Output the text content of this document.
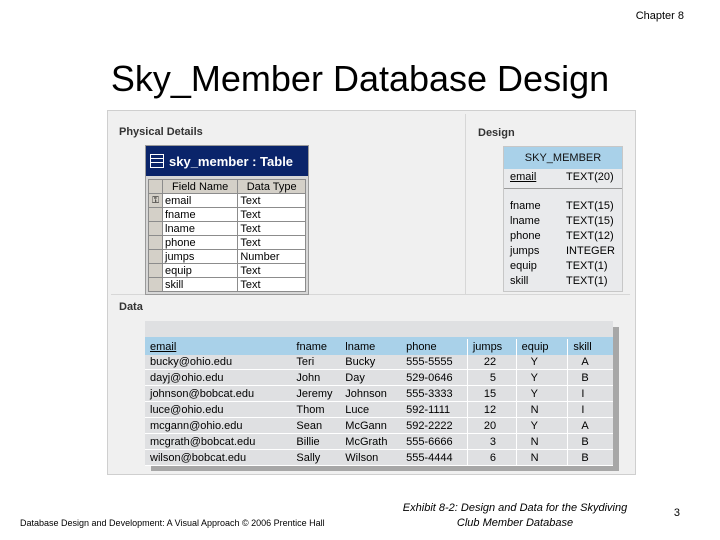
Chapter 8
Sky_Member Database Design
Physical Details	Design
Data
sky_member : Table
	Field Name	Data Type
⚿	email	Text
	fname	Text
	lname	Text
	phone	Text
	jumps	Number
	equip	Text
	skill	Text
SKY_MEMBER
email	TEXT(20)
fname	TEXT(15)
lname	TEXT(15)
phone	TEXT(12)
jumps	INTEGER
equip	TEXT(1)
skill	TEXT(1)
email	fname	lname	phone	jumps	equip	skill
bucky@ohio.edu	Teri	Bucky	555-5555	22	Y	A
dayj@ohio.edu	John	Day	529-0646	5	Y	B
johnson@bobcat.edu	Jeremy	Johnson	555-3333	15	Y	I
luce@ohio.edu	Thom	Luce	592-1111	12	N	I
mcgann@ohio.edu	Sean	McGann	592-2222	20	Y	A
mcgrath@bobcat.edu	Billie	McGrath	555-6666	3	N	B
wilson@bobcat.edu	Sally	Wilson	555-4444	6	N	B
Database Design and Development: A Visual Approach © 2006 Prentice Hall
Exhibit 8-2: Design and Data for the Skydiving
Club Member Database
3
